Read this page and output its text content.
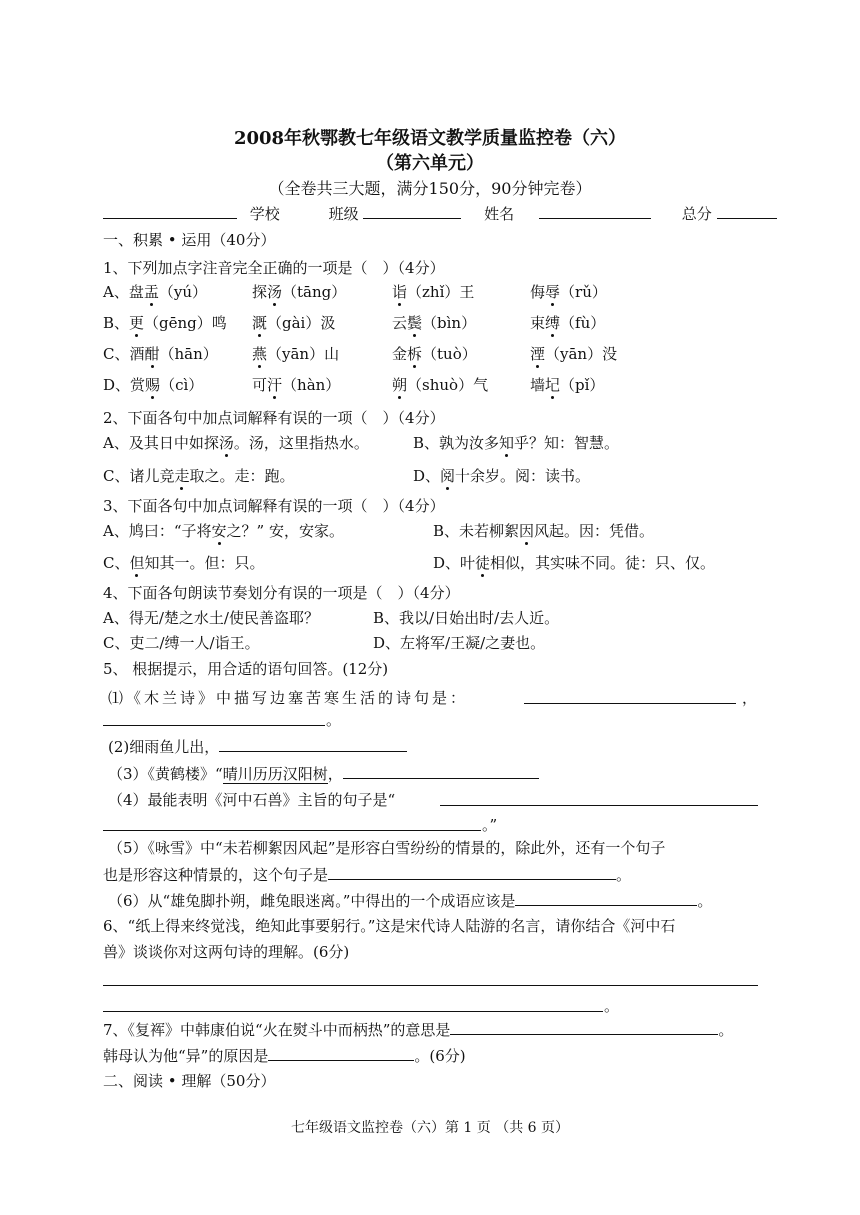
2008年秋鄂教七年级语文教学质量监控卷（六）
（第六单元）
（全卷共三大题，满分150分，90分钟完卷）
学校	班级	姓名	总分
一、积累 • 运用（40分）
1、下列加点字注音完全正确的一项是（　）（4分）
A、盘盂（yú）	探汤（tāng）	诣（zhǐ）王	侮辱（rǔ）
B、更（gēng）鸣 溉（gài）汲	云鬓（bìn）	束缚（fù）
C、酒酣（hān） 燕（yān）山	金柝（tuò）	湮（yān）没
D、赏赐（cì）	可汗（hàn）	朔（shuò）气	墙圮（pǐ）
2、下面各句中加点词解释有误的一项（　）（4分）
A、及其日中如探汤。汤，这里指热水。	B、孰为汝多知乎？知：智慧。
C、诸儿竞走取之。走：跑。	D、阅十余岁。阅：读书。
3、下面各句中加点词解释有误的一项（　）（4分）
A、鸠曰：“子将安之？” 安，安家。	B、未若柳絮因风起。因：凭借。
C、但知其一。但：只。	D、叶徒相似，其实味不同。徒：只、仅。
4、下面各句朗读节奏划分有误的一项是（　）（4分）
A、得无/楚之水土/使民善盗耶？	B、我以/日始出时/去人近。
C、吏二/缚一人/诣王。	D、左将军/王凝/之妻也。
5、 根据提示，用合适的语句回答。(12分)
⑴《木兰诗》中描写边塞苦寒生活的诗句是：	，
。
(2)细雨鱼儿出，
（3）《黄鹤楼》“晴川历历汉阳树，
（4）最能表明《河中石兽》主旨的句子是“
。”
（5）《咏雪》中“未若柳絮因风起”是形容白雪纷纷的情景的，除此外，还有一个句子
也是形容这种情景的，这个句子是	。
（6）从“雄兔脚扑朔，雌兔眼迷离。”中得出的一个成语应该是	。
6、“纸上得来终觉浅，绝知此事要躬行。”这是宋代诗人陆游的名言，请你结合《河中石
兽》谈谈你对这两句诗的理解。(6分)
。
7、《复裈》中韩康伯说“火在熨斗中而柄热”的意思是	。
韩母认为他“异”的原因是	。(6分)
二、阅读 • 理解（50分）
七年级语文监控卷（六）第 1 页 （共 6 页）
